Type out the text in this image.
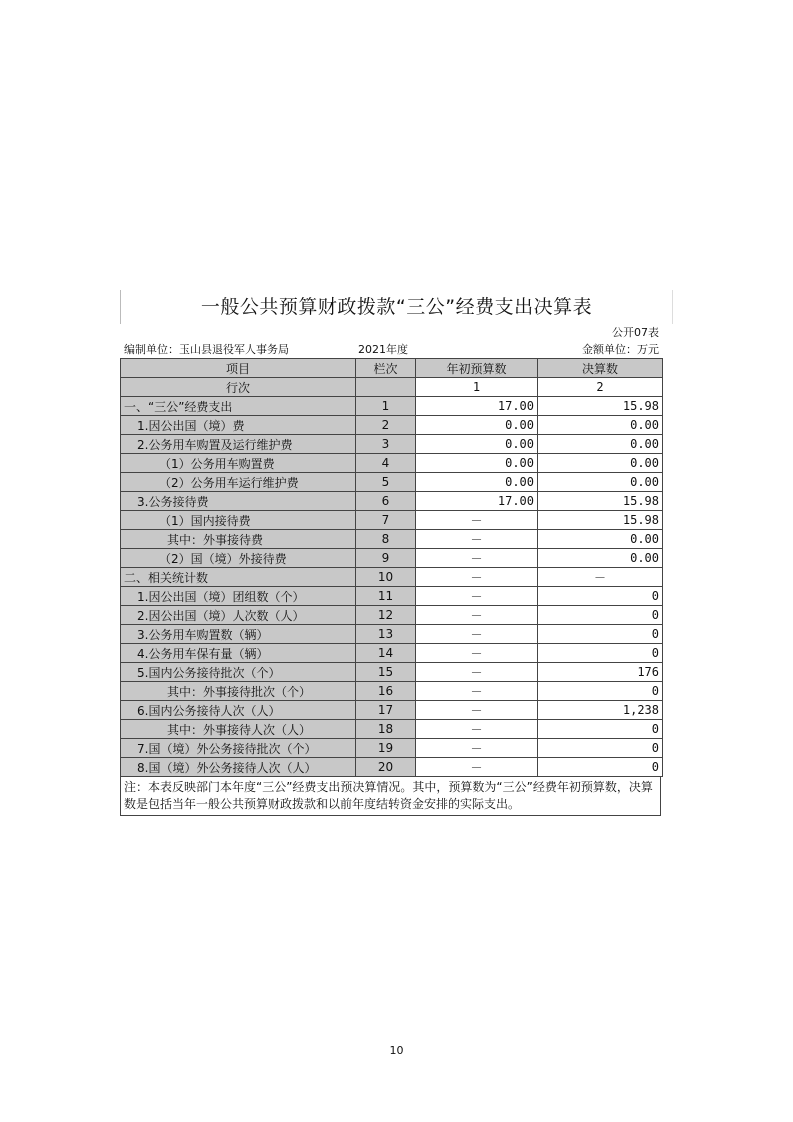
一般公共预算财政拨款“三公”经费支出决算表
公开07表
编制单位：玉山县退役军人事务局	2021年度	金额单位：万元
项目	栏次	年初预算数	决算数
行次		1	2
一、“三公”经费支出	1	17.00	15.98
1.因公出国（境）费	2	0.00	0.00
2.公务用车购置及运行维护费	3	0.00	0.00
（1）公务用车购置费	4	0.00	0.00
（2）公务用车运行维护费	5	0.00	0.00
3.公务接待费	6	17.00	15.98
（1）国内接待费	7	－	15.98
其中：外事接待费	8	－	0.00
（2）国（境）外接待费	9	－	0.00
二、相关统计数	10	－	－
1.因公出国（境）团组数（个）	11	－	0
2.因公出国（境）人次数（人）	12	－	0
3.公务用车购置数（辆）	13	－	0
4.公务用车保有量（辆）	14	－	0
5.国内公务接待批次（个）	15	－	176
其中：外事接待批次（个）	16	－	0
6.国内公务接待人次（人）	17	－	1,238
其中：外事接待人次（人）	18	－	0
7.国（境）外公务接待批次（个）	19	－	0
8.国（境）外公务接待人次（人）	20	－	0
注：本表反映部门本年度“三公”经费支出预决算情况。其中，预算数为“三公”经费年初预算数，决算数是包括当年一般公共预算财政拨款和以前年度结转资金安排的实际支出。
10
